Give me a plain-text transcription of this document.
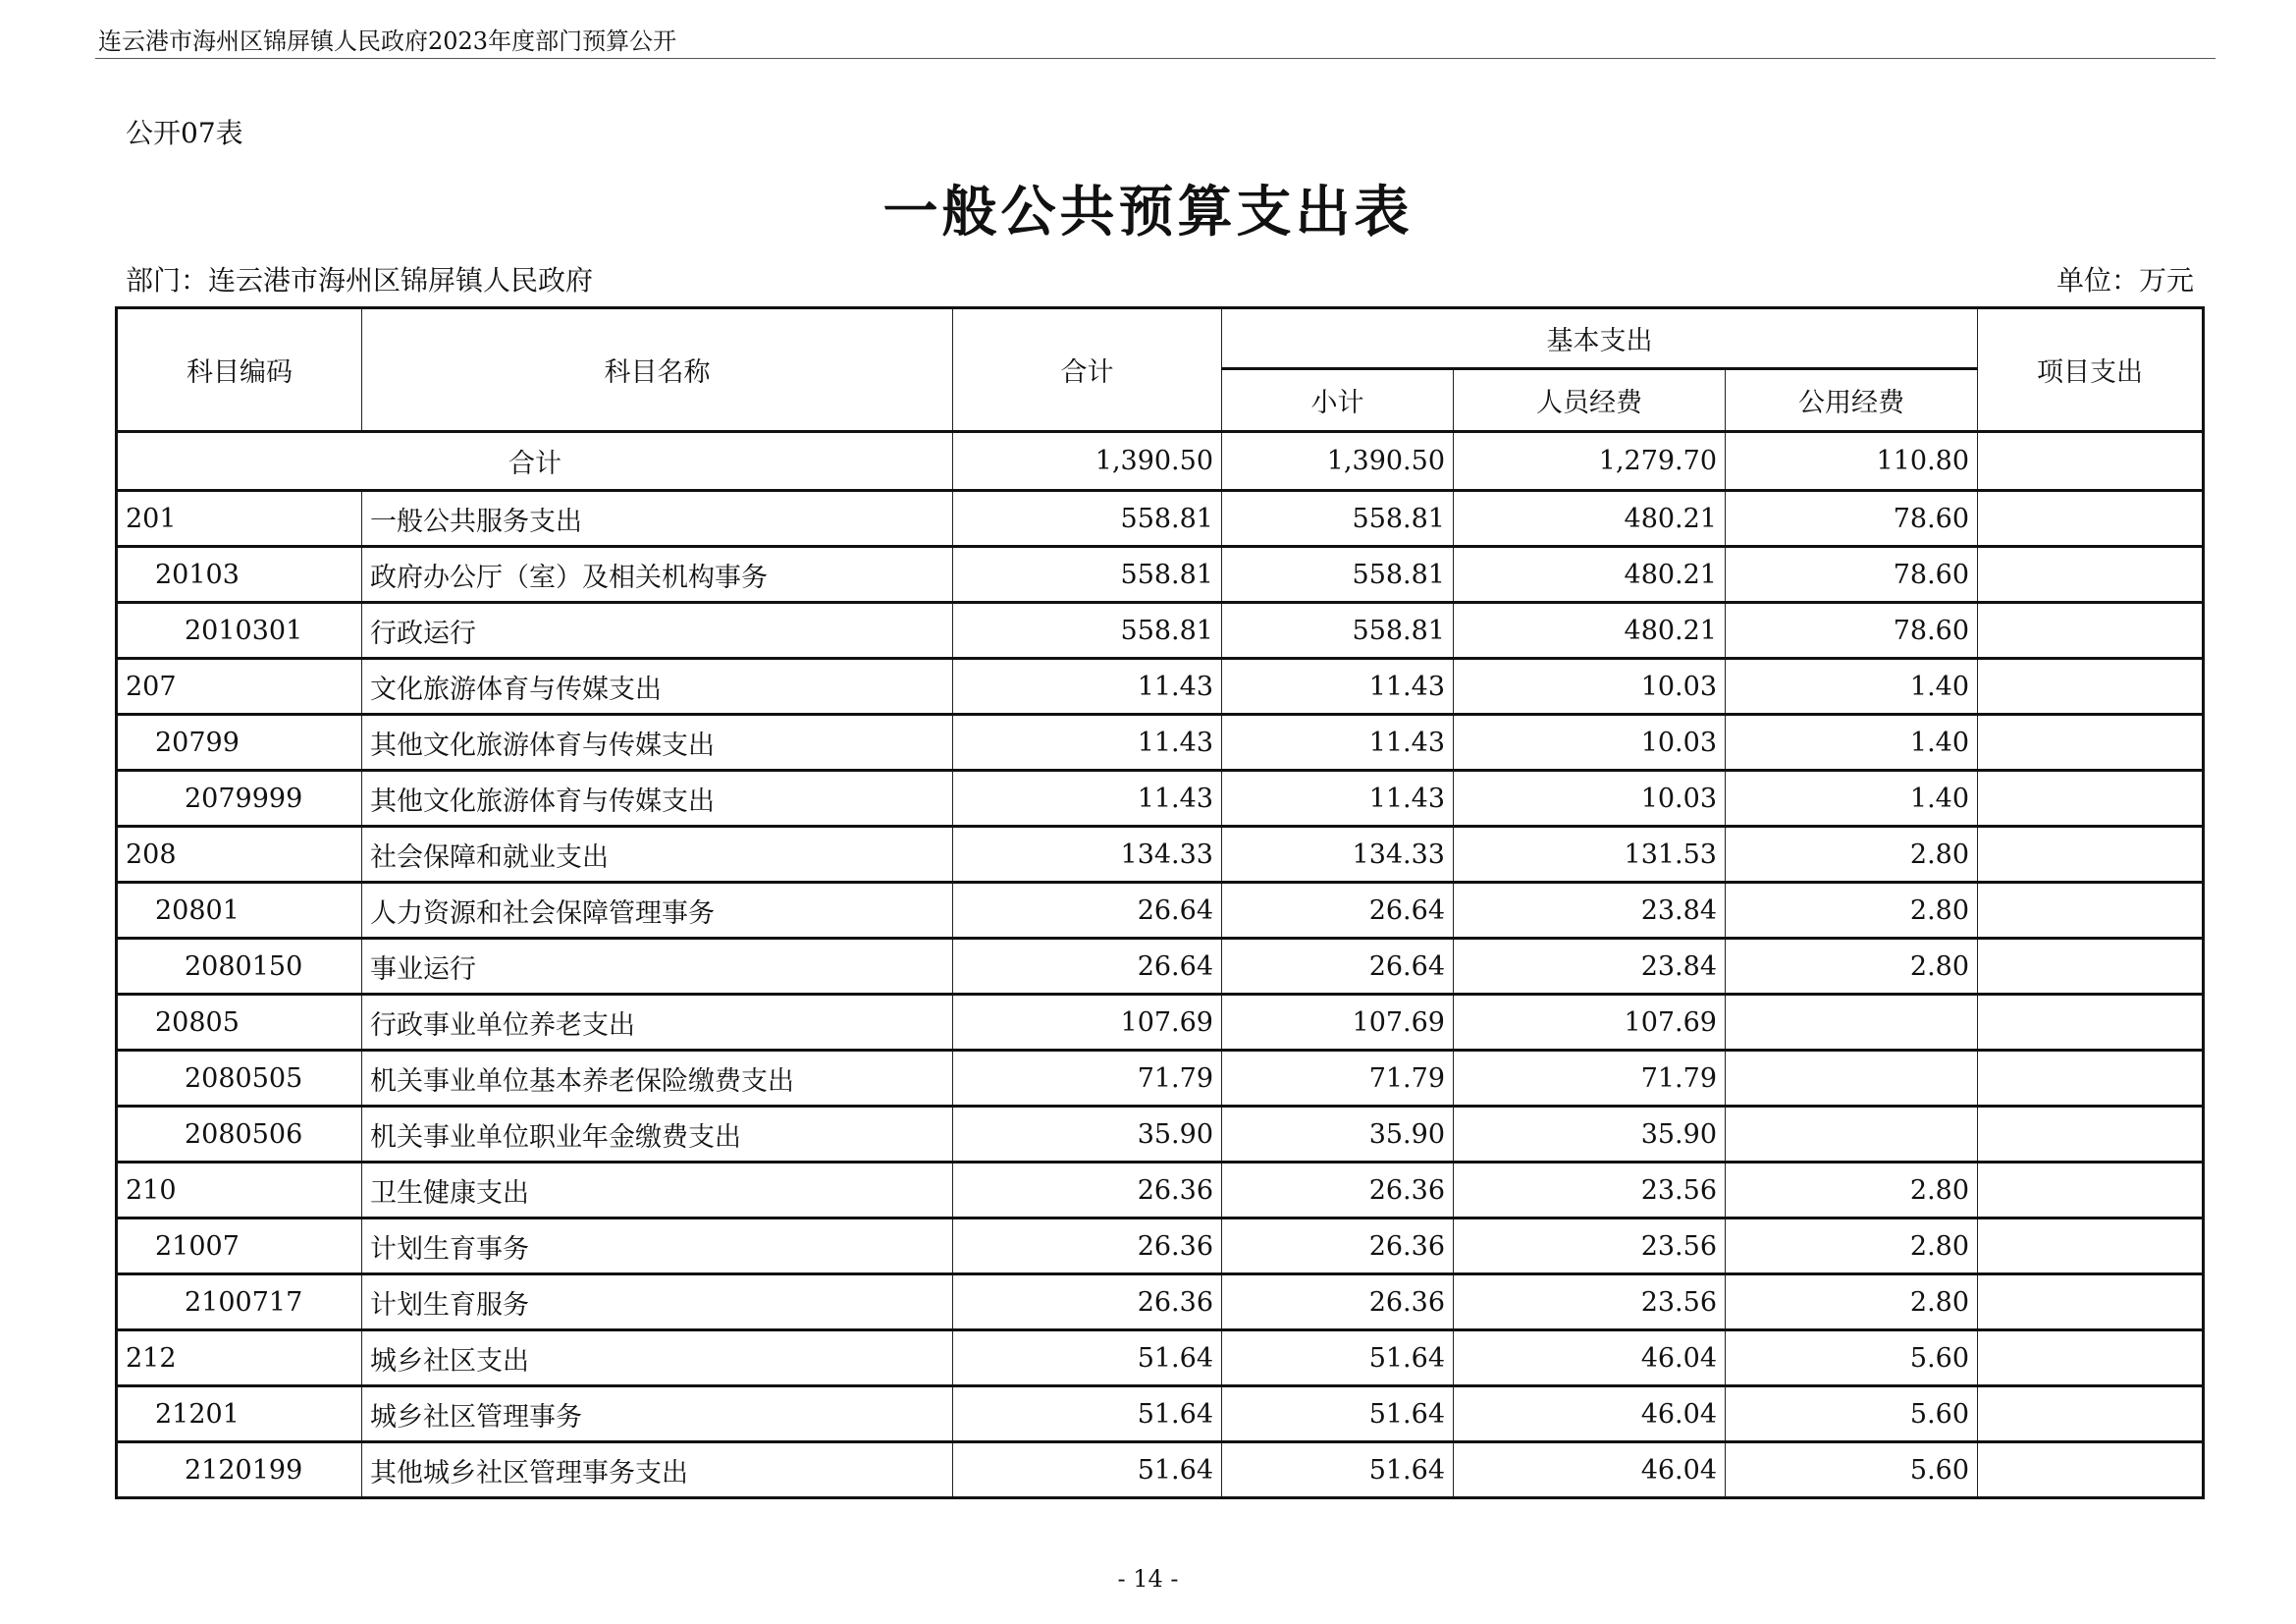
连云港市海州区锦屏镇人民政府2023年度部门预算公开
公开07表
一般公共预算支出表
部门：连云港市海州区锦屏镇人民政府	单位：万元
科目编码	科目名称	合计	基本支出			项目支出
			小计	人员经费	公用经费	
合计		1,390.50	1,390.50	1,279.70	110.80	
201	一般公共服务支出	558.81	558.81	480.21	78.60	
20103	政府办公厅（室）及相关机构事务	558.81	558.81	480.21	78.60	
2010301	行政运行	558.81	558.81	480.21	78.60	
207	文化旅游体育与传媒支出	11.43	11.43	10.03	1.40	
20799	其他文化旅游体育与传媒支出	11.43	11.43	10.03	1.40	
2079999	其他文化旅游体育与传媒支出	11.43	11.43	10.03	1.40	
208	社会保障和就业支出	134.33	134.33	131.53	2.80	
20801	人力资源和社会保障管理事务	26.64	26.64	23.84	2.80	
2080150	事业运行	26.64	26.64	23.84	2.80	
20805	行政事业单位养老支出	107.69	107.69	107.69		
2080505	机关事业单位基本养老保险缴费支出	71.79	71.79	71.79		
2080506	机关事业单位职业年金缴费支出	35.90	35.90	35.90		
210	卫生健康支出	26.36	26.36	23.56	2.80	
21007	计划生育事务	26.36	26.36	23.56	2.80	
2100717	计划生育服务	26.36	26.36	23.56	2.80	
212	城乡社区支出	51.64	51.64	46.04	5.60	
21201	城乡社区管理事务	51.64	51.64	46.04	5.60	
2120199	其他城乡社区管理事务支出	51.64	51.64	46.04	5.60	
- 14 -
